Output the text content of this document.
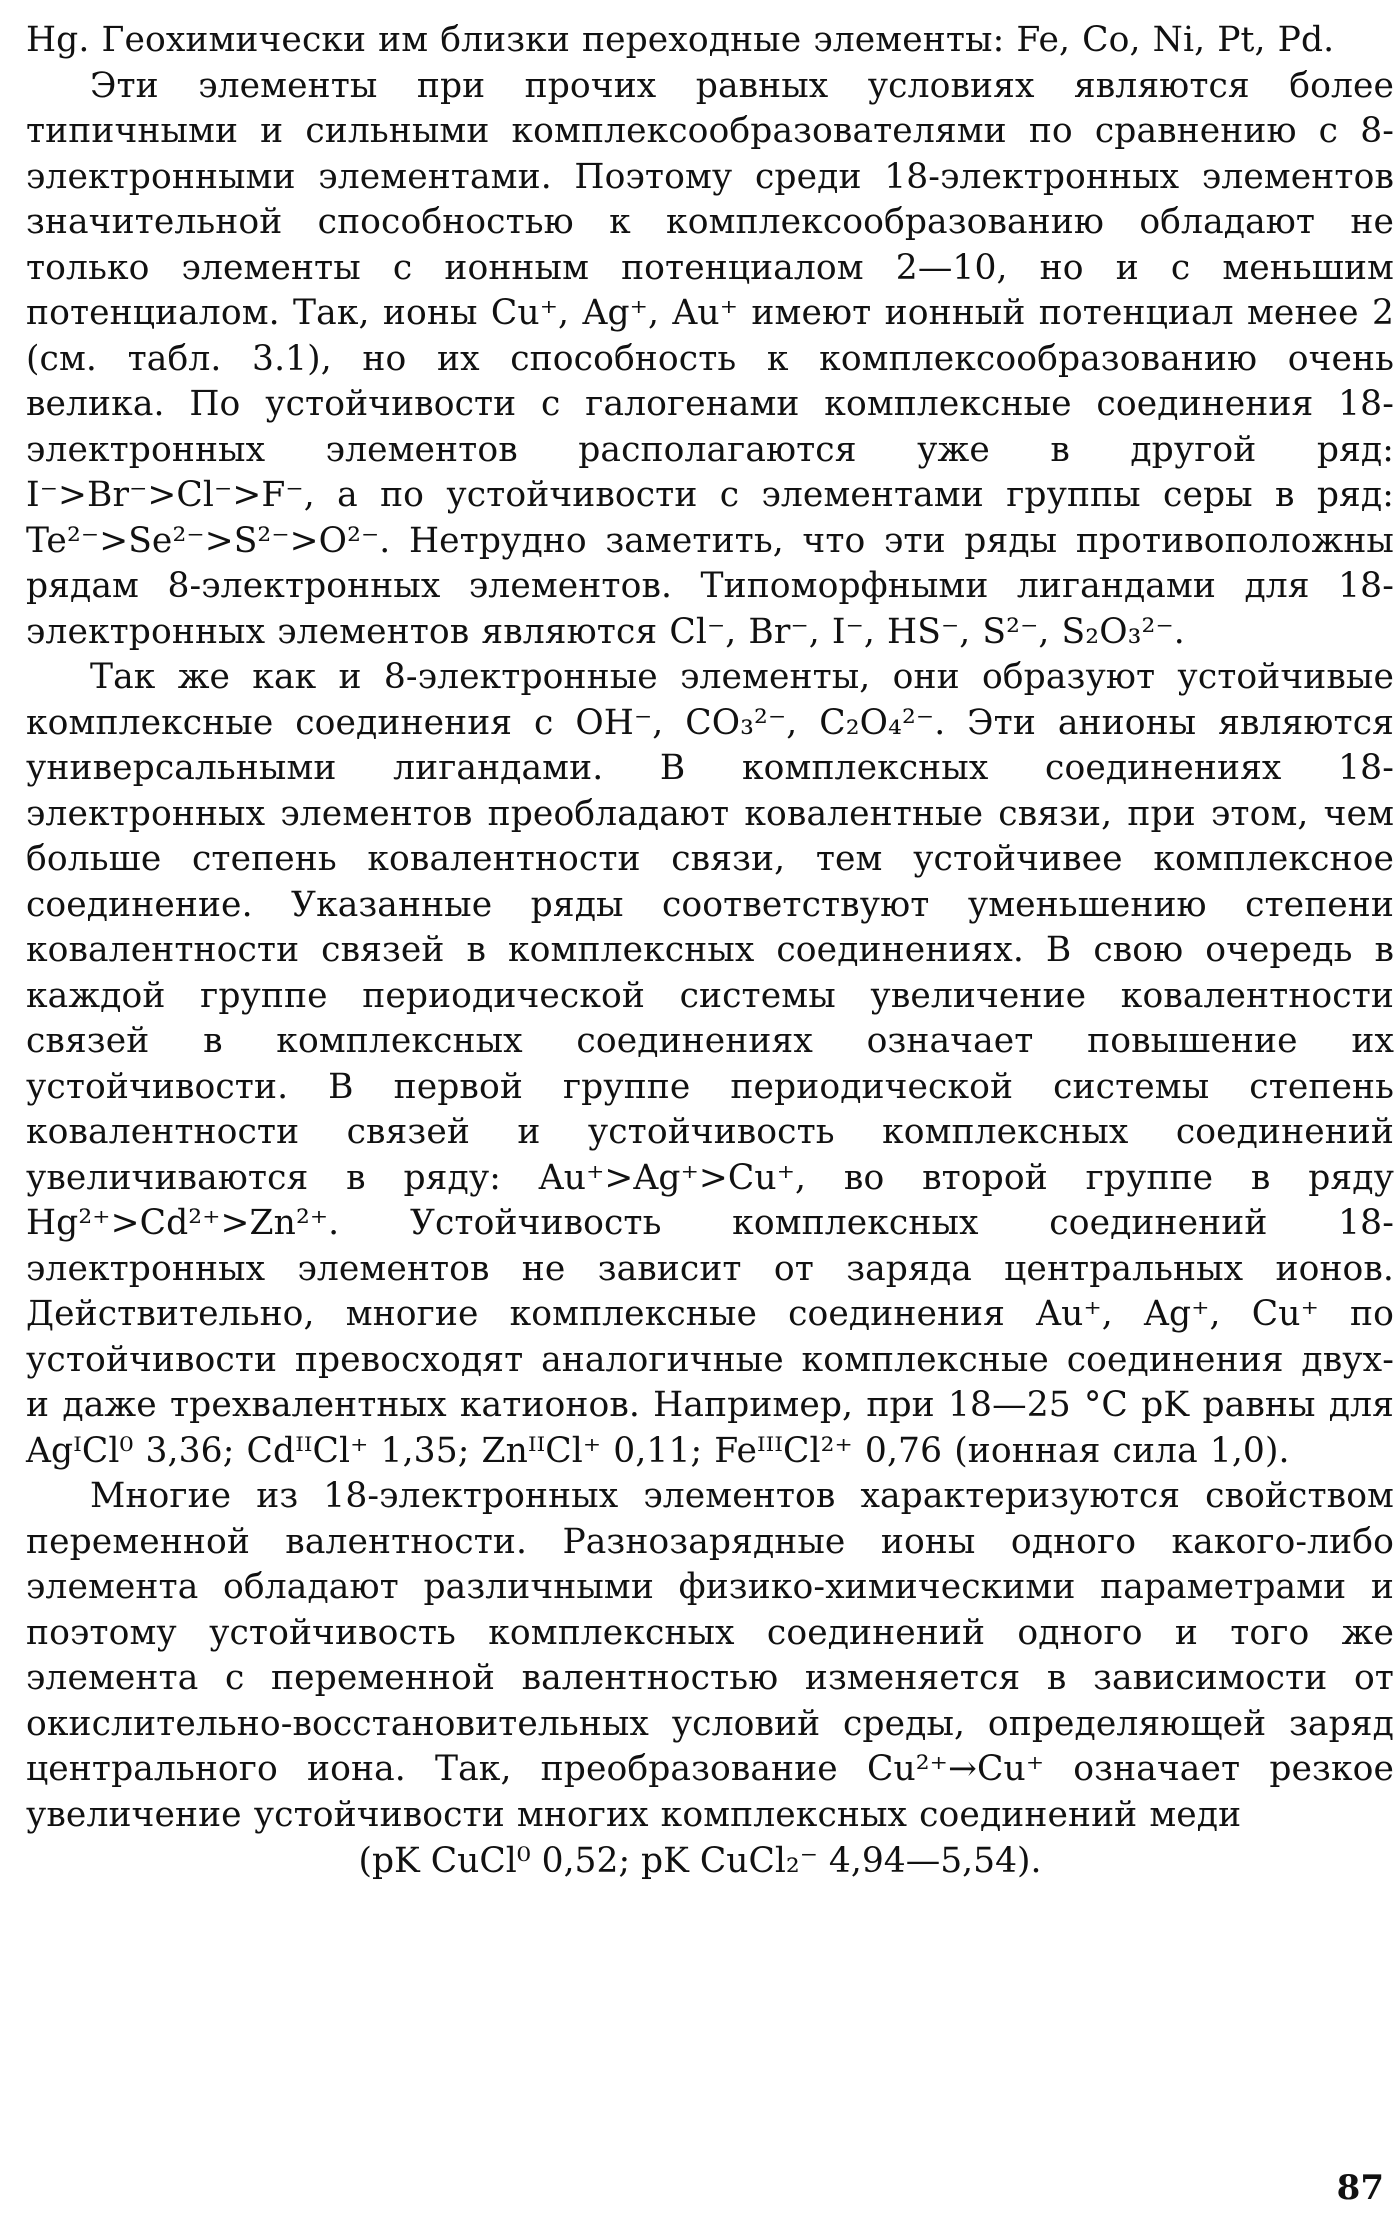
Hg. Геохимически им близки переходные элементы: Fe, Co, Ni, Pt, Pd.

Эти элементы при прочих равных условиях являются более типичными и сильными комплексообразователями по сравнению с 8-электронными элементами. Поэтому среди 18-электронных элементов значительной способностью к комплексообразованию обладают не только элементы с ионным потенциалом 2—10, но и с меньшим потенциалом. Так, ионы Cu⁺, Ag⁺, Au⁺ имеют ионный потенциал менее 2 (см. табл. 3.1), но их способность к комплексообразованию очень велика. По устойчивости с галогенами комплексные соединения 18-электронных элементов располагаются уже в другой ряд: I⁻>Br⁻>Cl⁻>F⁻, а по устойчивости с элементами группы серы в ряд: Te²⁻>Se²⁻>S²⁻>O²⁻. Нетрудно заметить, что эти ряды противоположны рядам 8-электронных элементов. Типоморфными лигандами для 18-электронных элементов являются Cl⁻, Br⁻, I⁻, HS⁻, S²⁻, S₂O₃²⁻.

Так же как и 8-электронные элементы, они образуют устойчивые комплексные соединения с OH⁻, CO₃²⁻, C₂O₄²⁻. Эти анионы являются универсальными лигандами. В комплексных соединениях 18-электронных элементов преобладают ковалентные связи, при этом, чем больше степень ковалентности связи, тем устойчивее комплексное соединение. Указанные ряды соответствуют уменьшению степени ковалентности связей в комплексных соединениях. В свою очередь в каждой группе периодической системы увеличение ковалентности связей в комплексных соединениях означает повышение их устойчивости. В первой группе периодической системы степень ковалентности связей и устойчивость комплексных соединений увеличиваются в ряду: Au⁺>Ag⁺>Cu⁺, во второй группе в ряду Hg²⁺>Cd²⁺>Zn²⁺. Устойчивость комплексных соединений 18-электронных элементов не зависит от заряда центральных ионов. Действительно, многие комплексные соединения Au⁺, Ag⁺, Cu⁺ по устойчивости превосходят аналогичные комплексные соединения двух- и даже трехвалентных катионов. Например, при 18—25 °C pK равны для AgᴵCl⁰ 3,36; CdᴵᴵCl⁺ 1,35; ZnᴵᴵCl⁺ 0,11; FeᴵᴵᴵCl²⁺ 0,76 (ионная сила 1,0).

Многие из 18-электронных элементов характеризуются свойством переменной валентности. Разнозарядные ионы одного какого-либо элемента обладают различными физико-химическими параметрами и поэтому устойчивость комплексных соединений одного и того же элемента с переменной валентностью изменяется в зависимости от окислительно-восстановительных условий среды, определяющей заряд центрального иона. Так, преобразование Cu²⁺→Cu⁺ означает резкое увеличение устойчивости многих комплексных соединений меди

(pK CuCl⁰ 0,52; pK CuCl₂⁻ 4,94—5,54).

87
